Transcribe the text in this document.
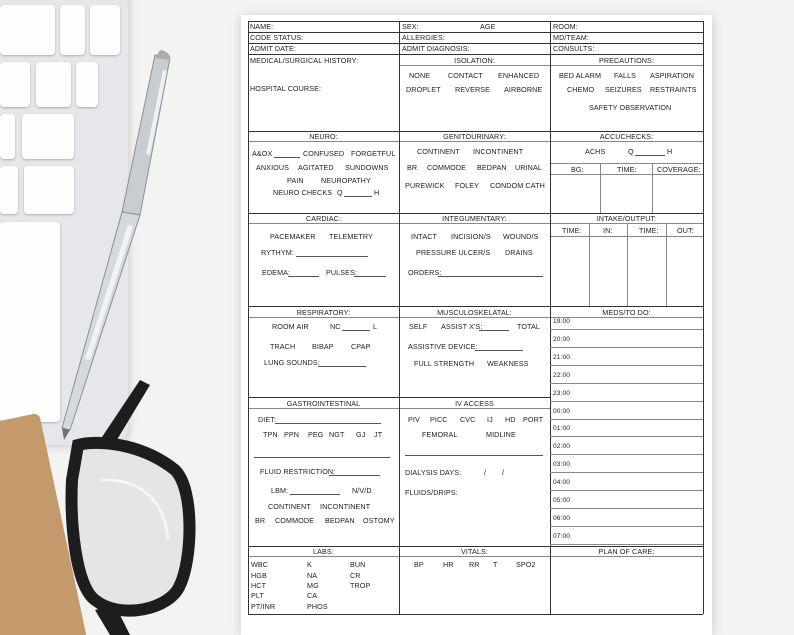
NAME:	SEX:	AGE	ROOM:
CODE STATUS:	ALLERGIES:	MD/TEAM:
ADMIT DATE:	ADMIT DIAGNOSIS:	CONSULTS:
MEDICAL/SURGICAL HISTORY:
HOSPITAL COURSE:
ISOLATION:
NONE CONTACT ENHANCED
DROPLET REVERSE AIRBORNE
PRECAUTIONS:
BED ALARM FALLS ASPIRATION
CHEMO SEIZURES RESTRAINTS
SAFETY OBSERVATION
NEURO:
A&OX	CONFUSED FORGETFUL
ANXIOUS AGITATED SUNDOWNS
PAIN NEUROPATHY
NEURO CHECKS Q	H
GENITOURINARY:
CONTINENT INCONTINENT
BR COMMODE BEDPAN URINAL
PUREWICK FOLEY CONDOM CATH
ACCUCHECKS:
ACHS	Q	H
BG:	TIME:	COVERAGE:
CARDIAC:
PACEMAKER TELEMETRY
RYTHYM:
EDEMA:	PULSES:
INTEGUMENTARY:
INTACT INCISION/S WOUND/S
PRESSURE ULCER/S DRAINS
ORDERS:
INTAKE/OUTPUT:
TIME:	IN:	TIME:	OUT:
RESPIRATORY:
ROOM AIR	NC	L
TRACH BIBAP CPAP
LUNG SOUNDS:
MUSCULOSKELATAL:
SELF ASSIST X'S:	TOTAL
ASSISTIVE DEVICE:
FULL STRENGTH WEAKNESS
MEDS/TO DO:
19:00
20:00
21:00
22:00
23:00
00:00
01:00
02:00
03:00
04:00
05:00
06:00
07:00
GASTROINTESTINAL
DIET:
TPN PPN PEG NGT GJ JT
FLUID RESTRICTION:
LBM:	N/V/D
CONTINENT INCONTINENT
BR COMMODE BEDPAN OSTOMY
IV ACCESS
PIV PICC CVC IJ HD PORT
FEMORAL	MIDLINE
DIALYSIS DAYS:	/ /
FLUIDS/DRIPS:
LABS:
WBC	K	BUN
HGB	NA	CR
HCT	MG	TROP
PLT	CA
PT/INR	PHOS
VITALS:
BP	HR RR T	SPO2
PLAN OF CARE:
